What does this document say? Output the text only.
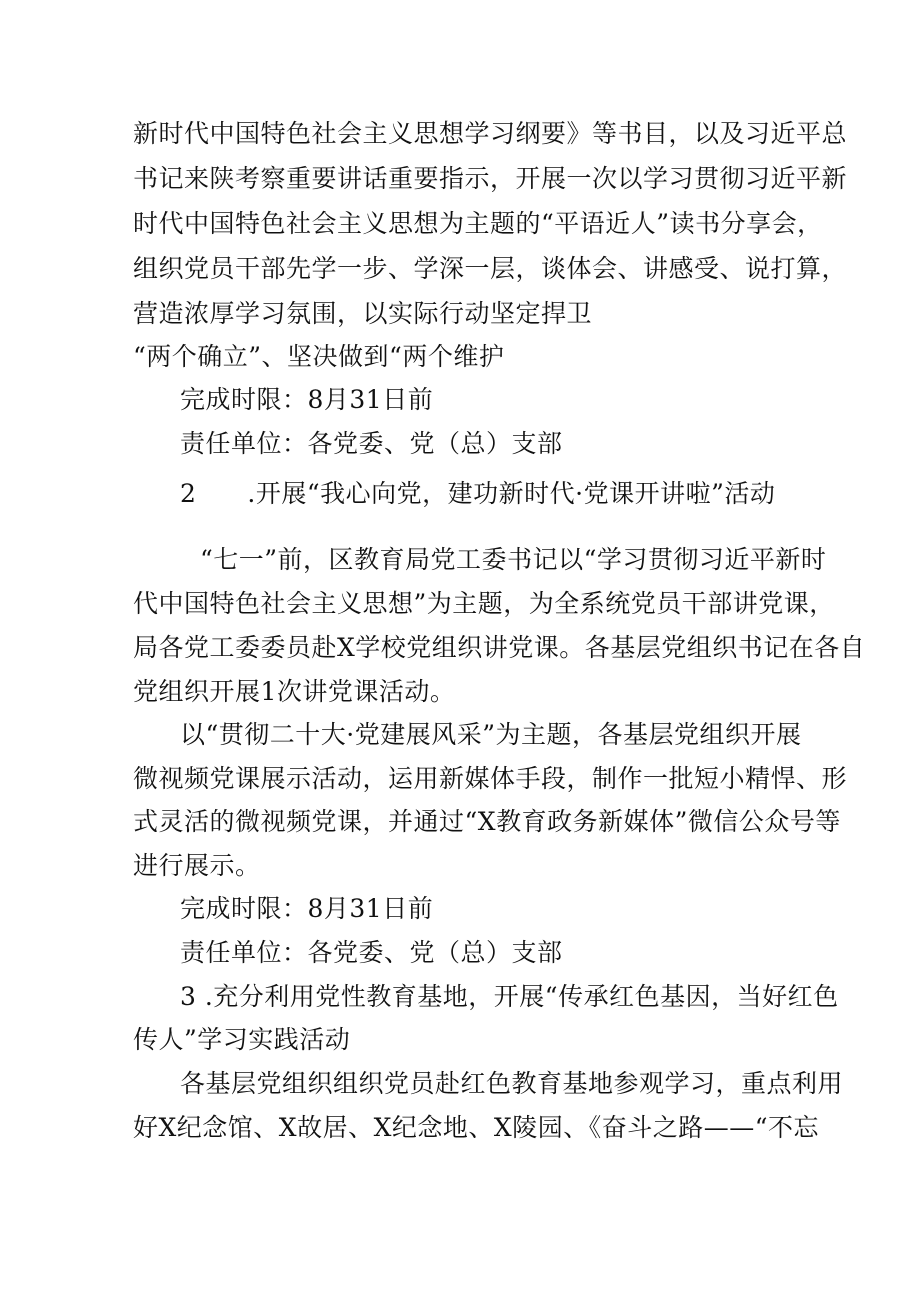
新时代中国特色社会主义思想学习纲要》等书目，以及习近平总
书记来陕考察重要讲话重要指示，开展一次以学习贯彻习近平新
时代中国特色社会主义思想为主题的“平语近人”读书分享会，
组织党员干部先学一步、学深一层，谈体会、讲感受、说打算，
营造浓厚学习氛围，以实际行动坚定捍卫
“两个确立”、坚决做到“两个维护
完成时限：8月31日前
责任单位：各党委、党（总）支部
2　　.开展“我心向党，建功新时代·党课开讲啦”活动
“七一”前，区教育局党工委书记以“学习贯彻习近平新时
代中国特色社会主义思想”为主题，为全系统党员干部讲党课，
局各党工委委员赴X学校党组织讲党课。各基层党组织书记在各自
党组织开展1次讲党课活动。
以“贯彻二十大·党建展风采”为主题，各基层党组织开展
微视频党课展示活动，运用新媒体手段，制作一批短小精悍、形
式灵活的微视频党课，并通过“X教育政务新媒体”微信公众号等
进行展示。
完成时限：8月31日前
责任单位：各党委、党（总）支部
3 .充分利用党性教育基地，开展“传承红色基因，当好红色
传人”学习实践活动
各基层党组织组织党员赴红色教育基地参观学习，重点利用
好X纪念馆、X故居、X纪念地、X陵园、《奋斗之路——“不忘
